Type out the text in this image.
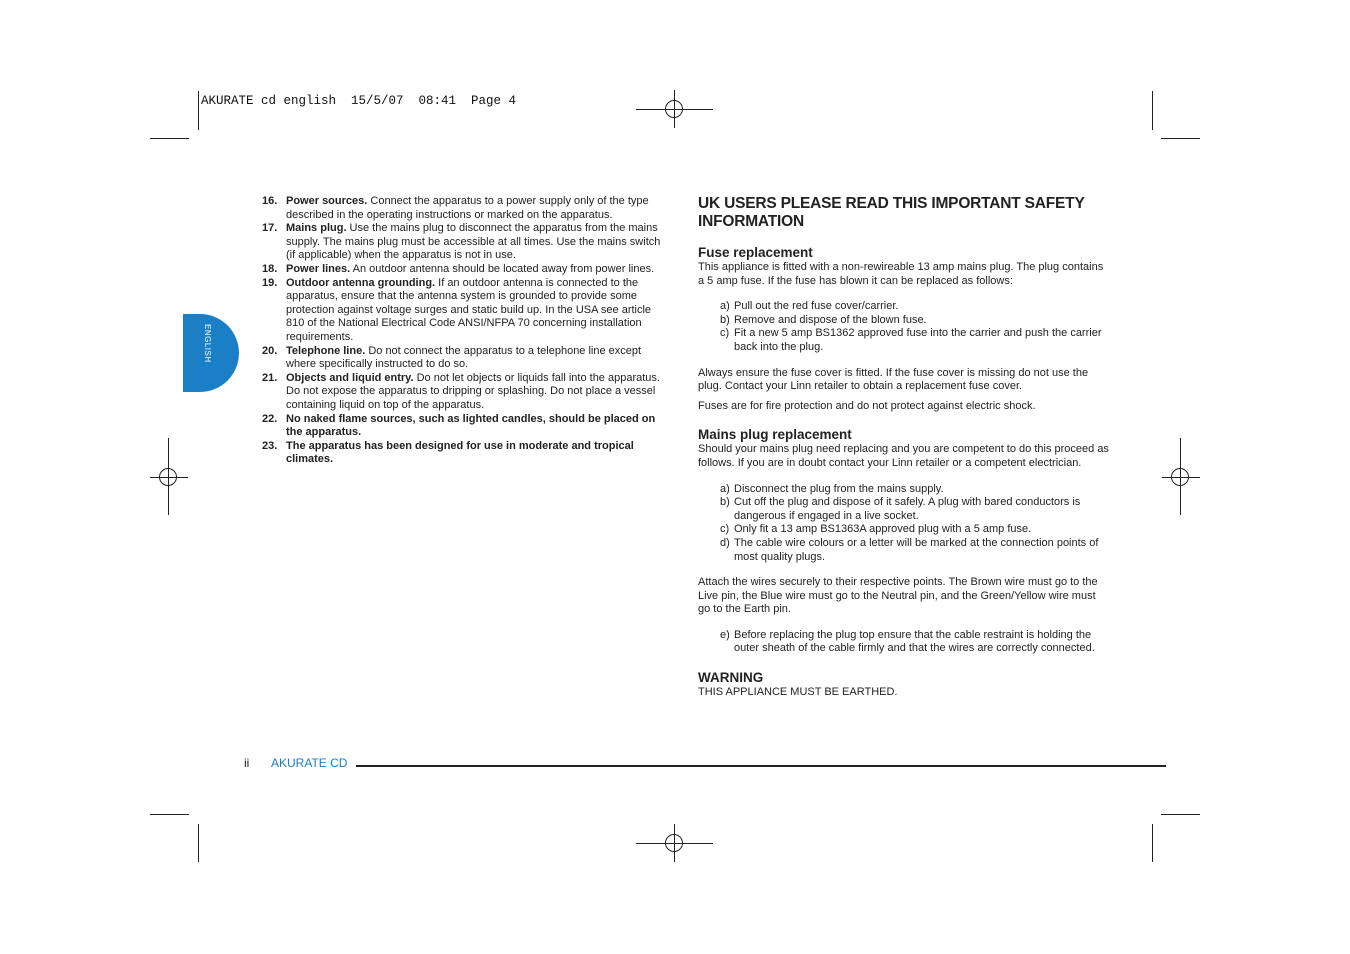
AKURATE cd english  15/5/07  08:41  Page 4
ENGLISH
16. Power sources. Connect the apparatus to a power supply only of the type described in the operating instructions or marked on the apparatus.
17. Mains plug. Use the mains plug to disconnect the apparatus from the mains supply. The mains plug must be accessible at all times. Use the mains switch (if applicable) when the apparatus is not in use.
18. Power lines. An outdoor antenna should be located away from power lines.
19. Outdoor antenna grounding. If an outdoor antenna is connected to the apparatus, ensure that the antenna system is grounded to provide some protection against voltage surges and static build up. In the USA see article 810 of the National Electrical Code ANSI/NFPA 70 concerning installation requirements.
20. Telephone line. Do not connect the apparatus to a telephone line except where specifically instructed to do so.
21. Objects and liquid entry. Do not let objects or liquids fall into the apparatus. Do not expose the apparatus to dripping or splashing. Do not place a vessel containing liquid on top of the apparatus.
22. No naked flame sources, such as lighted candles, should be placed on the apparatus.
23. The apparatus has been designed for use in moderate and tropical climates.
UK USERS PLEASE READ THIS IMPORTANT SAFETY INFORMATION
Fuse replacement

This appliance is fitted with a non-rewireable 13 amp mains plug. The plug contains a 5 amp fuse. If the fuse has blown it can be replaced as follows:

a) Pull out the red fuse cover/carrier.
b) Remove and dispose of the blown fuse.
c) Fit a new 5 amp BS1362 approved fuse into the carrier and push the carrier back into the plug.

Always ensure the fuse cover is fitted. If the fuse cover is missing do not use the plug. Contact your Linn retailer to obtain a replacement fuse cover.

Fuses are for fire protection and do not protect against electric shock.

Mains plug replacement

Should your mains plug need replacing and you are competent to do this proceed as follows. If you are in doubt contact your Linn retailer or a competent electrician.

a) Disconnect the plug from the mains supply.
b) Cut off the plug and dispose of it safely. A plug with bared conductors is dangerous if engaged in a live socket.
c) Only fit a 13 amp BS1363A approved plug with a 5 amp fuse.
d) The cable wire colours or a letter will be marked at the connection points of most quality plugs.

Attach the wires securely to their respective points. The Brown wire must go to the Live pin, the Blue wire must go to the Neutral pin, and the Green/Yellow wire must go to the Earth pin.

e) Before replacing the plug top ensure that the cable restraint is holding the outer sheath of the cable firmly and that the wires are correctly connected.
WARNING

THIS APPLIANCE MUST BE EARTHED.

ii AKURATE CD
